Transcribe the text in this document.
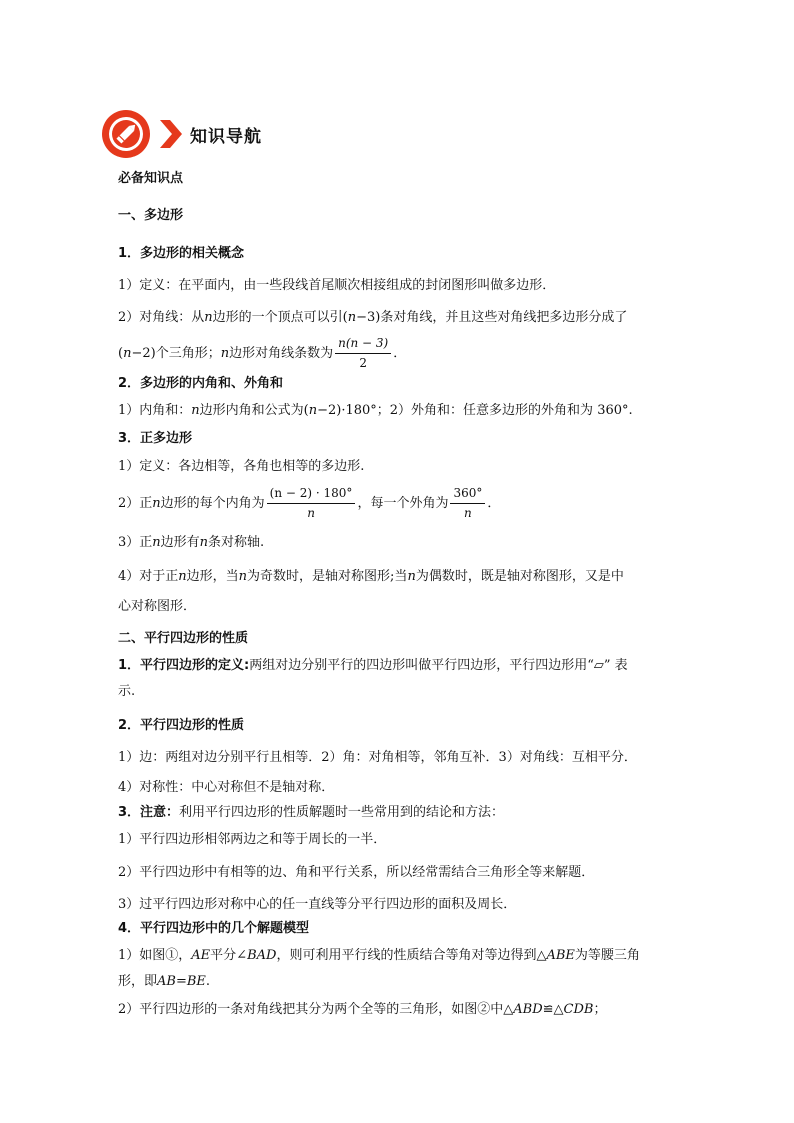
知识导航
必备知识点
一、多边形
1．多边形的相关概念
1）定义：在平面内，由一些段线首尾顺次相接组成的封闭图形叫做多边形．
2）对角线：从n边形的一个顶点可以引(n−3)条对角线，并且这些对角线把多边形分成了
(n−2)个三角形；n边形对角线条数为 $\frac{n(n - 3)}{2}$ ．
2．多边形的内角和、外角和
1）内角和：n边形内角和公式为(n−2)·180°；2）外角和：任意多边形的外角和为 360°.
3．正多边形
1）定义：各边相等，各角也相等的多边形.
2）正n边形的每个内角为 $\frac{(n - 2) \cdot 180^\circ}{n}$ ，每一个外角为 $\frac{360^\circ}{n}$ ．
3）正n边形有n条对称轴.
4）对于正n边形，当n为奇数时，是轴对称图形;当n为偶数时，既是轴对称图形，又是中
心对称图形．
二、平行四边形的性质
1．平行四边形的定义:两组对边分别平行的四边形叫做平行四边形，平行四边形用“▱” 表
示.
2．平行四边形的性质
1）边：两组对边分别平行且相等．2）角：对角相等，邻角互补．3）对角线：互相平分．
4）对称性：中心对称但不是轴对称．
3．注意：利用平行四边形的性质解题时一些常用到的结论和方法：
1）平行四边形相邻两边之和等于周长的一半．
2）平行四边形中有相等的边、角和平行关系，所以经常需结合三角形全等来解题．
3）过平行四边形对称中心的任一直线等分平行四边形的面积及周长．
4．平行四边形中的几个解题模型
1）如图①，AE平分∠BAD，则可利用平行线的性质结合等角对等边得到△ABE为等腰三角
形，即AB=BE.
2）平行四边形的一条对角线把其分为两个全等的三角形，如图②中△ABD≌△CDB；
